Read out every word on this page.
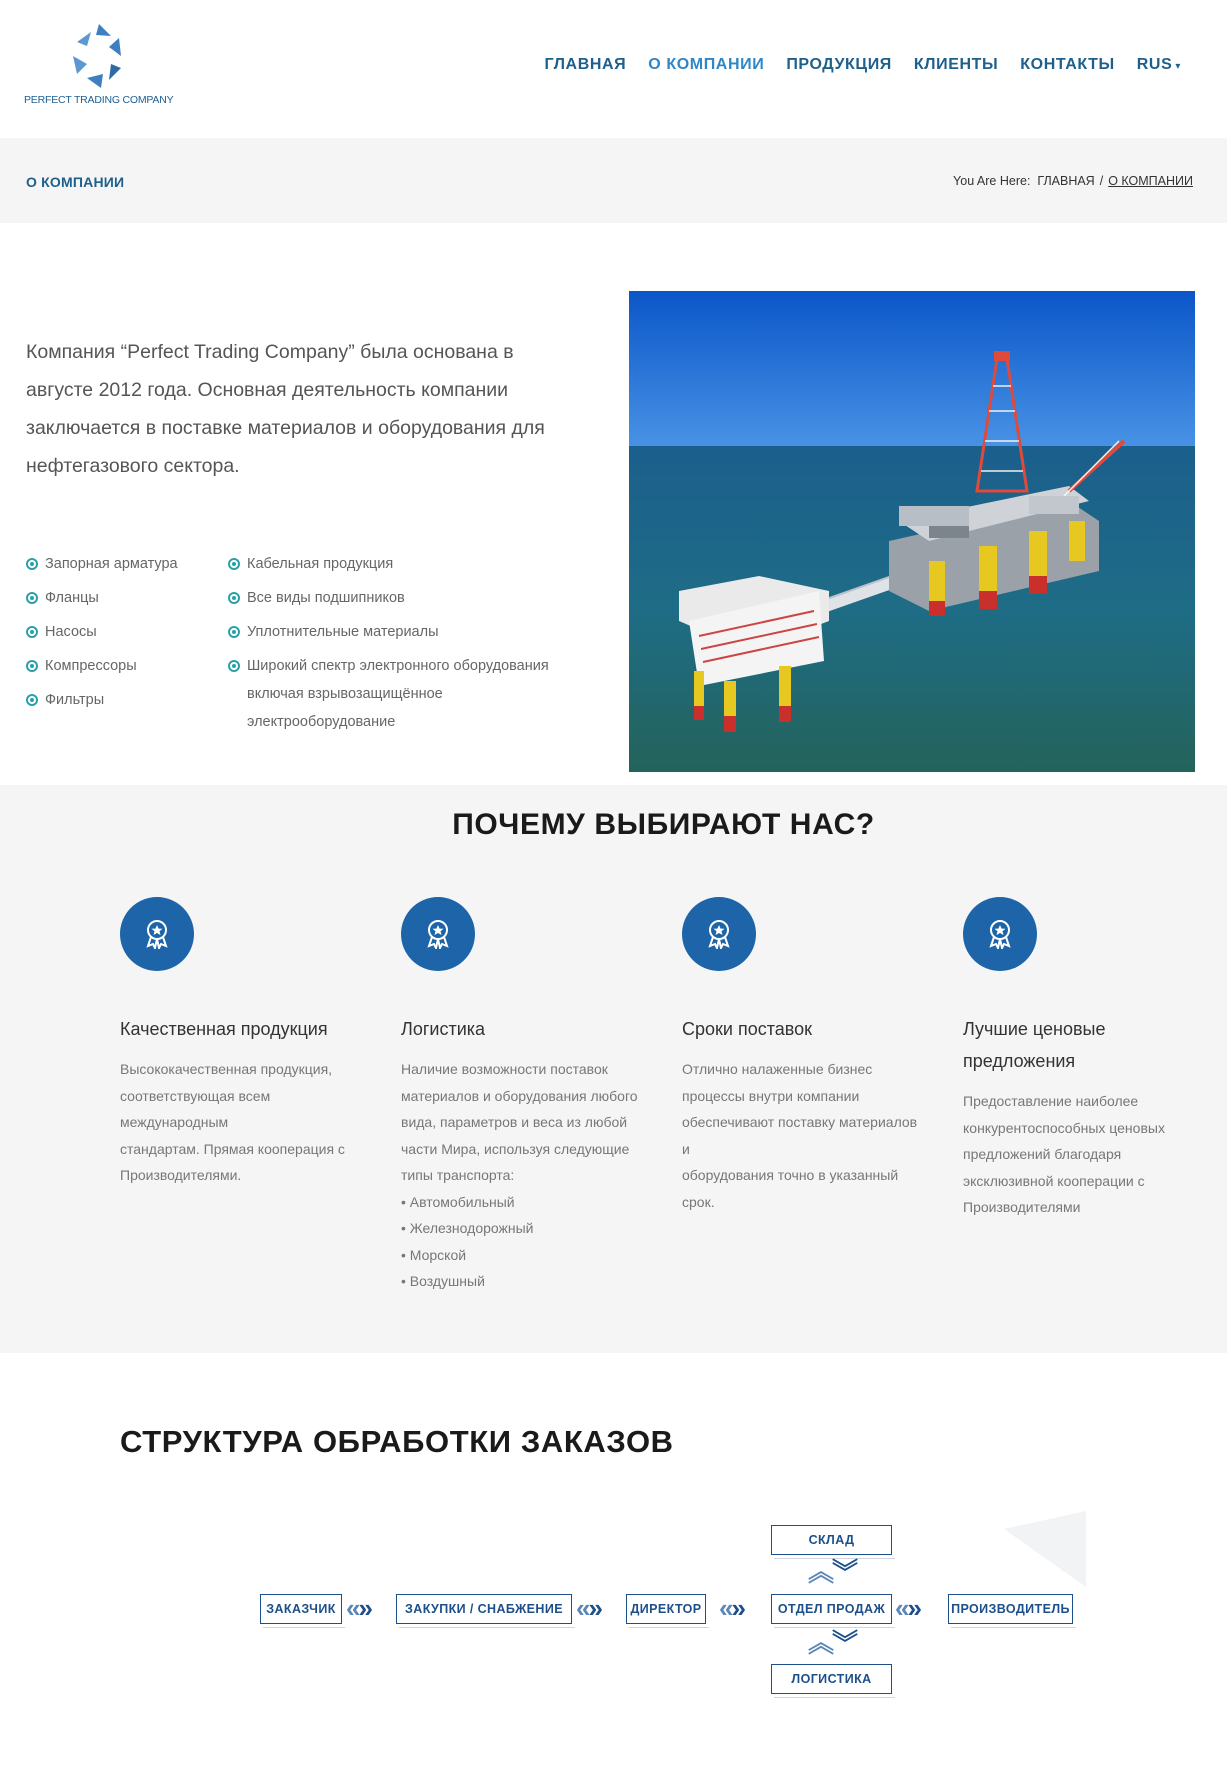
PERFECT TRADING COMPANY
ГЛАВНАЯ О КОМПАНИИ ПРОДУКЦИЯ КЛИЕНТЫ КОНТАКТЫ RUS ▾
О КОМПАНИИ	You Are Here: ГЛАВНАЯ / О КОМПАНИИ

Компания “Perfect Trading Company” была основана в августе 2012 года. Основная деятельность компании заключается в поставке материалов и оборудования для нефтегазового сектора.

Запорная арматура
Фланцы
Насосы
Компрессоры
Фильтры
Кабельная продукция
Все виды подшипников
Уплотнительные материалы
Широкий спектр электронного оборудования включая взрывозащищённое электрооборудование
ПОЧЕМУ ВЫБИРАЮТ НАС?
Качественная продукция
Высококачественная продукция,
соответствующая всем
международным
стандартам. Прямая кооперация с
Производителями.
Логистика
Наличие возможности поставок
материалов и оборудования любого
вида, параметров и веса из любой
части Мира, используя следующие
типы транспорта:
• Автомобильный
• Железнодорожный
• Морской
• Воздушный
Сроки поставок
Отлично налаженные бизнес
процессы внутри компании
обеспечивают поставку материалов и
оборудования точно в указанный
срок.
Лучшие ценовые предложения
Предоставление наиболее
конкурентоспособных ценовых
предложений благодаря
эксклюзивной кооперации с
Производителями
СТРУКТУРА ОБРАБОТКИ ЗАКАЗОВ
СКЛАД
︽︾
ЗАКАЗЧИК «»	ЗАКУПКИ / СНАБЖЕНИЕ «»	ДИРЕКТОР «»	ОТДЕЛ ПРОДАЖ «» ПРОИЗВОДИТЕЛЬ
︽︾
ЛОГИСТИКА
